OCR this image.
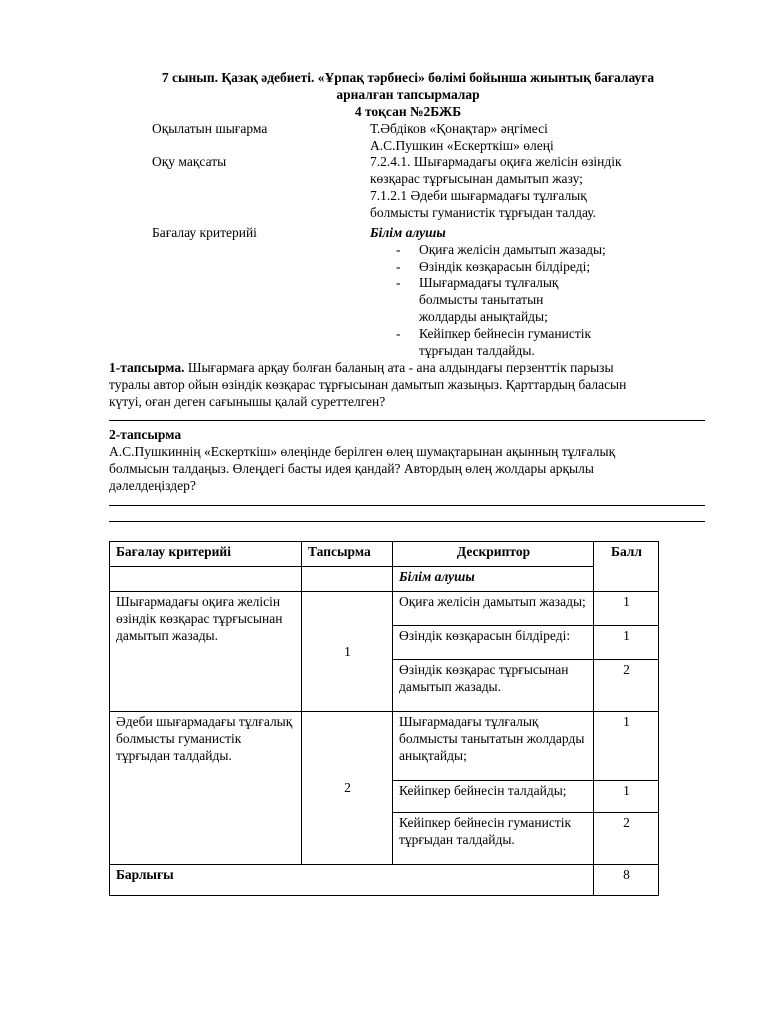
7 сынып. Қазақ әдебиеті. «Ұрпақ тәрбиесі» бөлімі бойынша жиынтық бағалауға
арналған тапсырмалар
4 тоқсан №2БЖБ
Оқылатын шығарма	Т.Әбдіков «Қонақтар» әңгімесі
А.С.Пушкин «Ескерткіш» өлеңі
Оқу мақсаты	7.2.4.1. Шығармадағы оқиға желісін өзіндік
көзқарас тұрғысынан дамытып жазу;
7.1.2.1 Әдеби шығармадағы тұлғалық
болмысты гуманистік тұрғыдан талдау.
Бағалау критерийі	Білім алушы
- Оқиға желісін дамытып жазады;
- Өзіндік көзқарасын білдіреді;
- Шығармадағы тұлғалық
болмысты танытатын
жолдарды анықтайды;
- Кейіпкер бейнесін гуманистік
тұрғыдан талдайды.
1-тапсырма. Шығармаға арқау болған баланың ата - ана алдындағы перзенттік парызы
туралы автор ойын өзіндік көзқарас тұрғысынан дамытып жазыңыз. Қарттардың баласын
күтуі, оған деген сағынышы қалай суреттелген?
2-тапсырма
А.С.Пушкиннің «Ескерткіш» өлеңінде берілген өлең шумақтарынан ақынның тұлғалық
болмысын талдаңыз. Өлеңдегі басты идея қандай? Автордың өлең жолдары арқылы
дәлелдеңіздер?
Бағалау критерийі	Тапсырма	Дескриптор	Балл
		Білім алушы	
Шығармадағы оқиға желісін өзіндік көзқарас тұрғысынан дамытып жазады.	1	Оқиға желісін дамытып жазады;	1
		Өзіндік көзқарасын білдіреді:	1
		Өзіндік көзқарас тұрғысынан дамытып жазады.	2
Әдеби шығармадағы тұлғалық болмысты гуманистік тұрғыдан талдайды.	2	Шығармадағы тұлғалық болмысты танытатын жолдарды анықтайды;	1
		Кейіпкер бейнесін талдайды;	1
		Кейіпкер бейнесін гуманистік тұрғыдан талдайды.	2
Барлығы			8
